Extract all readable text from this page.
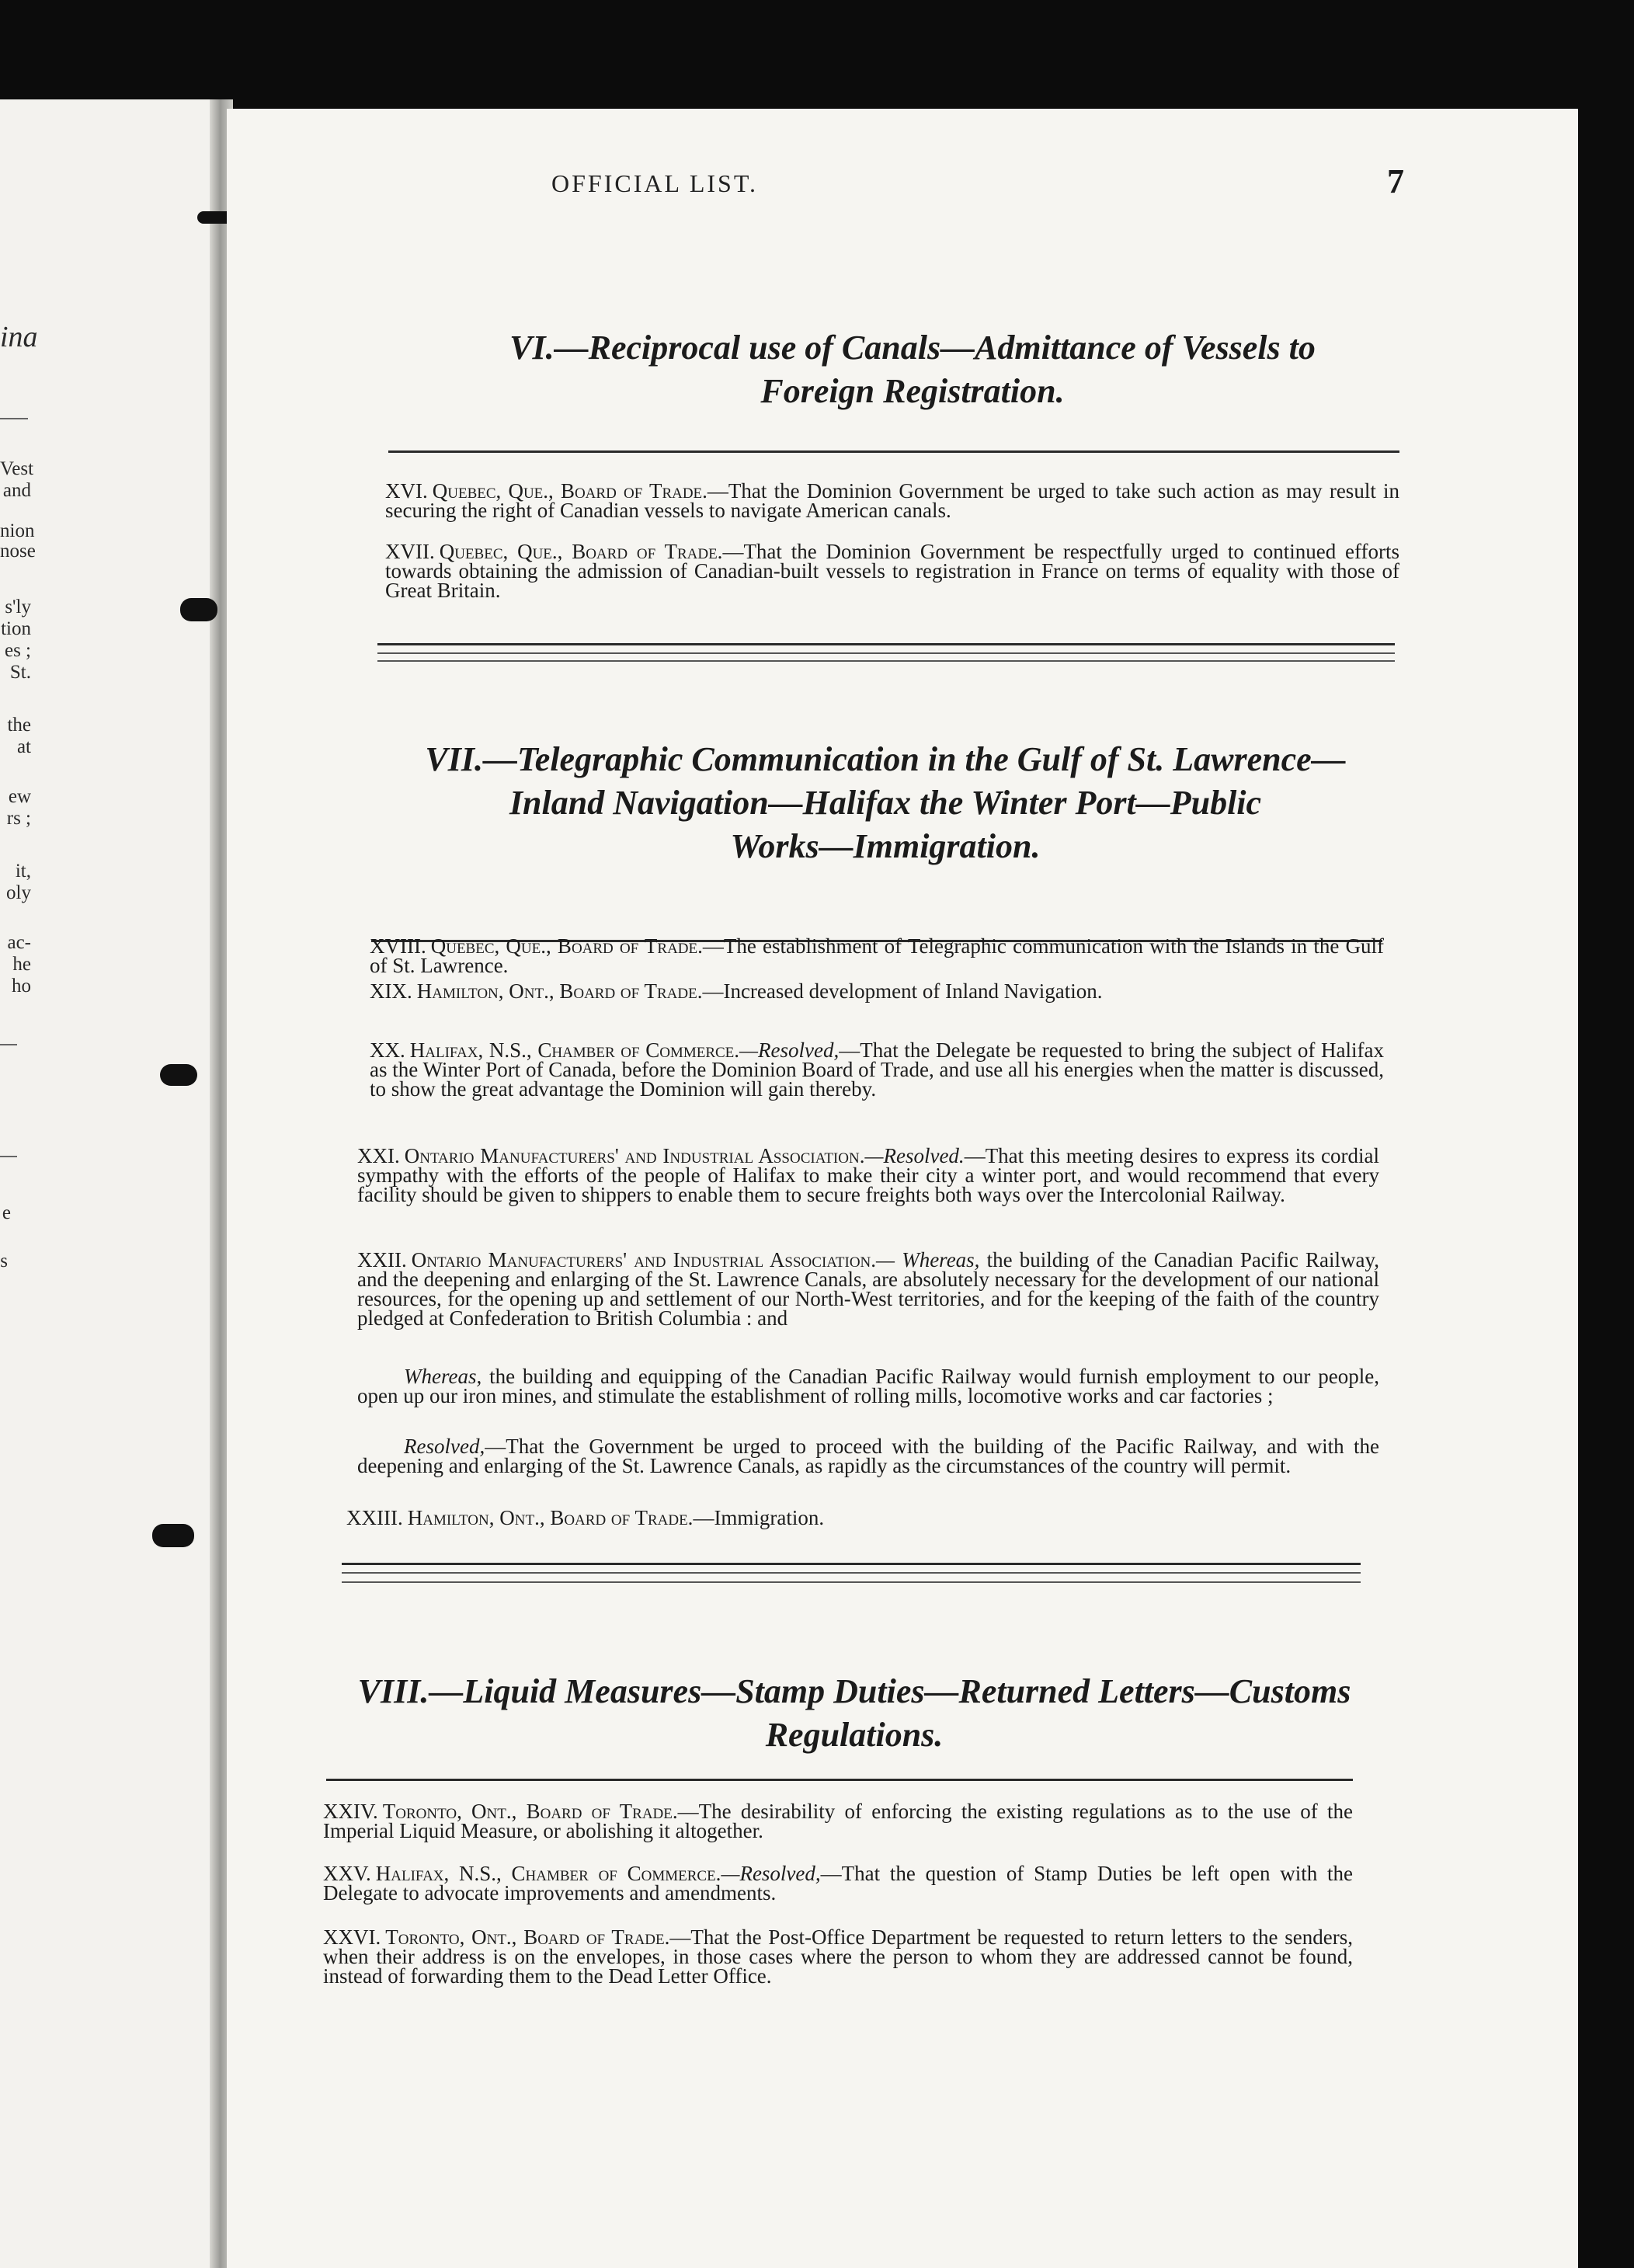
ina
Vest
and
nion
nose
s'ly
tion
es ;
St.
the
at
ew
rs ;
it,
oly
ac-
he
ho
e
s
OFFICIAL LIST.	7
VI.—Reciprocal use of Canals—Admittance of Vessels to
Foreign Registration.
XVI. Quebec, Que., Board of Trade.—That the Dominion Government be urged to take such action as may result in securing the right of Canadian vessels to navigate American canals.
XVII. Quebec, Que., Board of Trade.—That the Dominion Government be respectfully urged to continued efforts towards obtaining the admission of Canadian-built vessels to registration in France on terms of equality with those of Great Britain.
VII.—Telegraphic Communication in the Gulf of St. Lawrence—
Inland Navigation—Halifax the Winter Port—Public
Works—Immigration.
XVIII. Quebec, Que., Board of Trade.—The establishment of Telegraphic communication with the Islands in the Gulf of St. Lawrence.
XIX. Hamilton, Ont., Board of Trade.—Increased development of Inland Navigation.
XX. Halifax, N.S., Chamber of Commerce.—Resolved,—That the Delegate be requested to bring the subject of Halifax as the Winter Port of Canada, before the Dominion Board of Trade, and use all his energies when the matter is discussed, to show the great advantage the Dominion will gain thereby.
XXI. Ontario Manufacturers' and Industrial Association.—Resolved.—That this meeting desires to express its cordial sympathy with the efforts of the people of Halifax to make their city a winter port, and would recommend that every facility should be given to shippers to enable them to secure freights both ways over the Intercolonial Railway.
XXII. Ontario Manufacturers' and Industrial Association.— Whereas, the building of the Canadian Pacific Railway, and the deepening and enlarging of the St. Lawrence Canals, are absolutely necessary for the development of our national resources, for the opening up and settlement of our North-West territories, and for the keeping of the faith of the country pledged at Confederation to British Columbia : and
Whereas, the building and equipping of the Canadian Pacific Railway would furnish employment to our people, open up our iron mines, and stimulate the establishment of rolling mills, locomotive works and car factories ;
Resolved,—That the Government be urged to proceed with the building of the Pacific Railway, and with the deepening and enlarging of the St. Lawrence Canals, as rapidly as the circumstances of the country will permit.
XXIII. Hamilton, Ont., Board of Trade.—Immigration.
VIII.—Liquid Measures—Stamp Duties—Returned Letters—Customs
Regulations.
XXIV. Toronto, Ont., Board of Trade.—The desirability of enforcing the existing regulations as to the use of the Imperial Liquid Measure, or abolishing it altogether.
XXV. Halifax, N.S., Chamber of Commerce.—Resolved,—That the question of Stamp Duties be left open with the Delegate to advocate improvements and amendments.
XXVI. Toronto, Ont., Board of Trade.—That the Post-Office Department be requested to return letters to the senders, when their address is on the envelopes, in those cases where the person to whom they are addressed cannot be found, instead of forwarding them to the Dead Letter Office.
